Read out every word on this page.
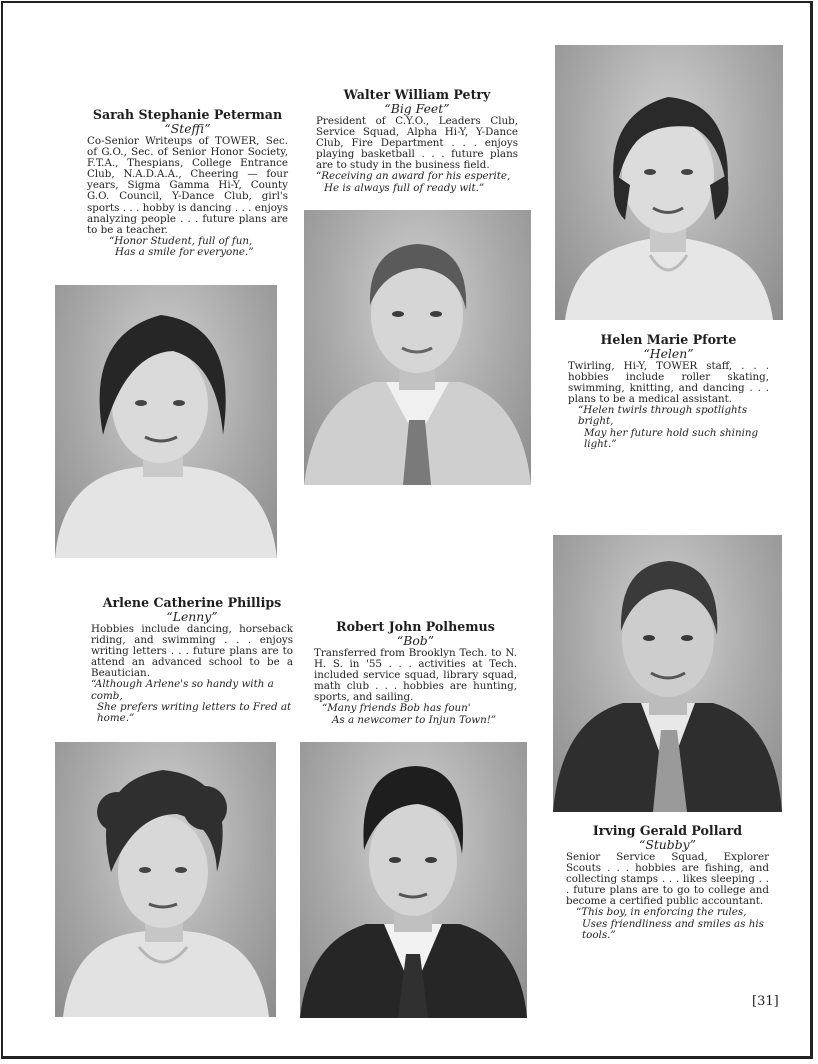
Sarah Stephanie Peterman
“Steffi”
Co-Senior Writeups of TOWER, Sec. of G.O., Sec. of Senior Honor Society, F.T.A., Thespians, College Entrance Club, N.A.D.A.A., Cheering — four years, Sigma Gamma Hi-Y, County G.O. Council, Y-Dance Club, girl's sports . . . hobby is dancing . . . enjoys analyzing people . . . future plans are to be a teacher.
“Honor Student, full of fun,
Has a smile for everyone.”
Walter William Petry
“Big Feet”
President of C.Y.O., Leaders Club, Service Squad, Alpha Hi-Y, Y-Dance Club, Fire Department . . . enjoys playing basketball . . . future plans are to study in the business field.
“Receiving an award for his esperite,
He is always full of ready wit.”
Helen Marie Pforte
“Helen”
Twirling, Hi-Y, TOWER staff, . . . hobbies include roller skating, swimming, knitting, and dancing . . . plans to be a medical assistant.
“Helen twirls through spotlights bright,
May her future hold such shining light.”
Arlene Catherine Phillips
“Lenny”
Hobbies include dancing, horseback riding, and swimming . . . enjoys writing letters . . . future plans are to attend an advanced school to be a Beautician.
“Although Arlene's so handy with a comb,
She prefers writing letters to Fred at home.”
Robert John Polhemus
“Bob”
Transferred from Brooklyn Tech. to N. H. S. in '55 . . . activities at Tech. included service squad, library squad, math club . . . hobbies are hunting, sports, and sailing.
“Many friends Bob has foun'
As a newcomer to Injun Town!”
Irving Gerald Pollard
“Stubby”
Senior Service Squad, Explorer Scouts . . . hobbies are fishing, and collecting stamps . . . likes sleeping . . . future plans are to go to college and become a certified public accountant.
“This boy, in enforcing the rules,
Uses friendliness and smiles as his tools.”
[31]
